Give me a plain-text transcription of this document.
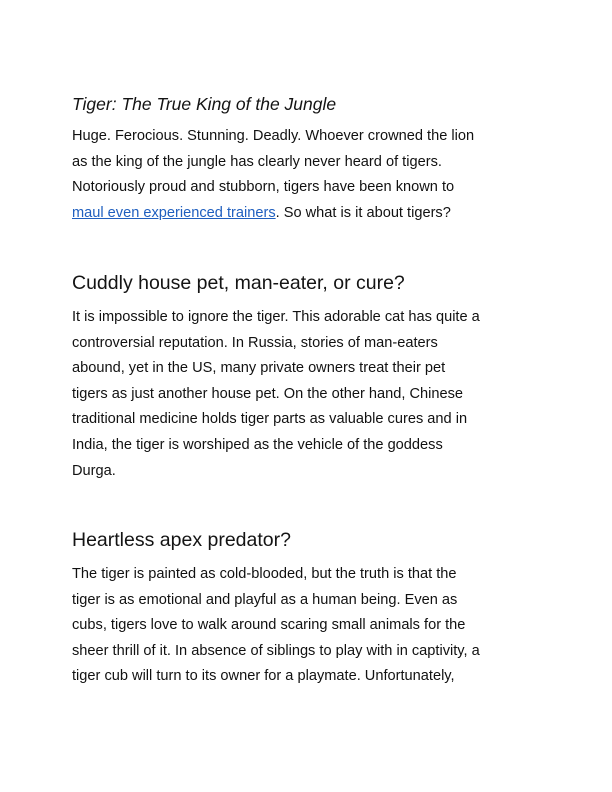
Tiger: The True King of the Jungle

Huge. Ferocious. Stunning. Deadly. Whoever crowned the lion
as the king of the jungle has clearly never heard of tigers.
Notoriously proud and stubborn, tigers have been known to
maul even experienced trainers. So what is it about tigers?

Cuddly house pet, man-eater, or cure?

It is impossible to ignore the tiger. This adorable cat has quite a
controversial reputation. In Russia, stories of man-eaters
abound, yet in the US, many private owners treat their pet
tigers as just another house pet. On the other hand, Chinese
traditional medicine holds tiger parts as valuable cures and in
India, the tiger is worshiped as the vehicle of the goddess
Durga.

Heartless apex predator?

The tiger is painted as cold-blooded, but the truth is that the
tiger is as emotional and playful as a human being. Even as
cubs, tigers love to walk around scaring small animals for the
sheer thrill of it. In absence of siblings to play with in captivity, a
tiger cub will turn to its owner for a playmate. Unfortunately,
